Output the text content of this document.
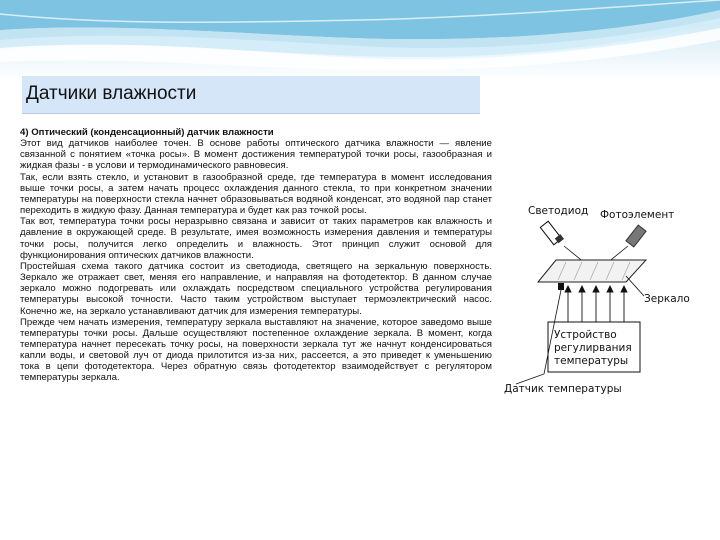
Датчики влажности

4) Оптический (конденсационный) датчик влажности

Этот вид датчиков наиболее точен. В основе работы оптического датчика влажности — явление связанной с понятием «точка росы». В момент достижения температурой точки росы, газообразная и жидкая фазы - в услови и термодинамического равновесия.

Так, если взять стекло, и установит в газообразной среде, где температура в момент исследования выше точки росы, а затем начать процесс охлаждения данного стекла, то при конкретном значении температуры на поверхности стекла начнет образовываться водяной конденсат, это водяной пар станет переходить в жидкую фазу. Данная температура и будет как раз точкой росы.

Так вот, температура точки росы неразрывно связана и зависит от таких параметров как влажность и давление в окружающей среде. В результате, имея возможность измерения давления и температуры точки росы, получится легко определить и влажность. Этот принцип служит основой для функционирования оптических датчиков влажности.

Простейшая схема такого датчика состоит из светодиода, светящего на зеркальную поверхность. Зеркало же отражает свет, меняя его направление, и направляя на фотодетектор. В данном случае зеркало можно подогревать или охлаждать посредством специального устройства регулирования температуры высокой точности. Часто таким устройством выступает термоэлектрический насос. Конечно же, на зеркало устанавливают датчик для измерения температуры.

Прежде чем начать измерения, температуру зеркала выставляют на значение, которое заведомо выше температуры точки росы. Дальше осуществляют постепенное охлаждение зеркала. В момент, когда температура начнет пересекать точку росы, на поверхности зеркала тут же начнут конденсироваться капли воды, и световой луч от диода прилотится из-за них, рассеется, а это приведет к уменьшению тока в цепи фотодетектора. Через обратную связь фотодетектор взаимодействует с регулятором температуры зеркала.

Светодиод Фотоэлемент
Зеркало
Устройство
регулирвания
температуры
Датчик температуры
